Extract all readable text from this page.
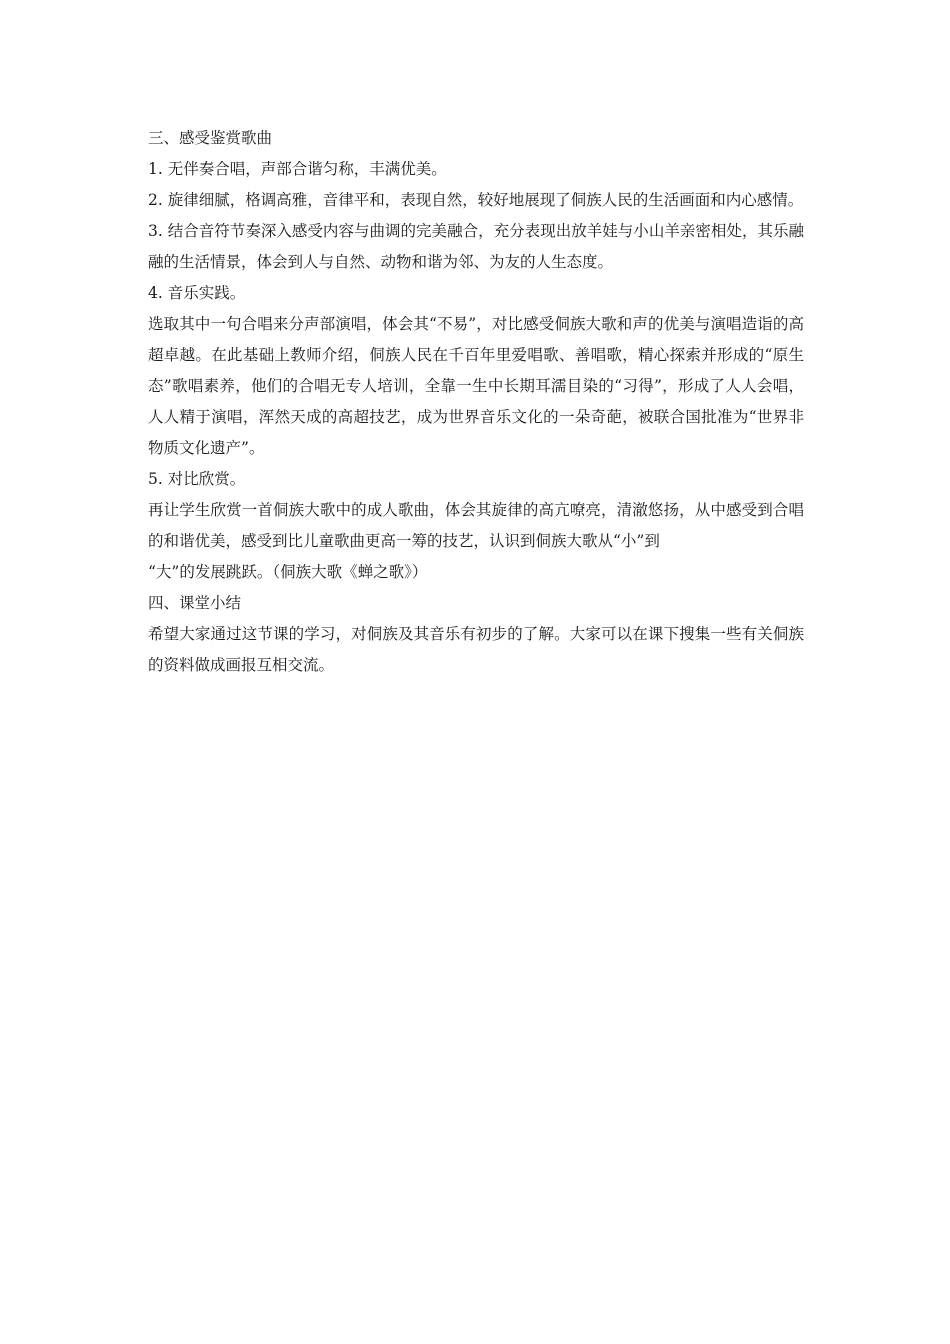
三、感受鉴赏歌曲

1. 无伴奏合唱，声部合谐匀称，丰满优美。

2. 旋律细腻，格调高雅，音律平和，表现自然，较好地展现了侗族人民的生活画面和内心感情。

3. 结合音符节奏深入感受内容与曲调的完美融合，充分表现出放羊娃与小山羊亲密相处，其乐融融的生活情景，体会到人与自然、动物和谐为邻、为友的人生态度。

4. 音乐实践。

选取其中一句合唱来分声部演唱，体会其“不易”，对比感受侗族大歌和声的优美与演唱造诣的高超卓越。在此基础上教师介绍，侗族人民在千百年里爱唱歌、善唱歌，精心探索并形成的“原生态”歌唱素养，他们的合唱无专人培训，全靠一生中长期耳濡目染的“习得”，形成了人人会唱，人人精于演唱，浑然天成的高超技艺，成为世界音乐文化的一朵奇葩，被联合国批准为“世界非物质文化遗产”。

5. 对比欣赏。

再让学生欣赏一首侗族大歌中的成人歌曲，体会其旋律的高亢嘹亮，清澈悠扬，从中感受到合唱的和谐优美，感受到比儿童歌曲更高一筹的技艺，认识到侗族大歌从“小”到

“大”的发展跳跃。（侗族大歌《蝉之歌》）

四、课堂小结

希望大家通过这节课的学习，对侗族及其音乐有初步的了解。大家可以在课下搜集一些有关侗族的资料做成画报互相交流。
